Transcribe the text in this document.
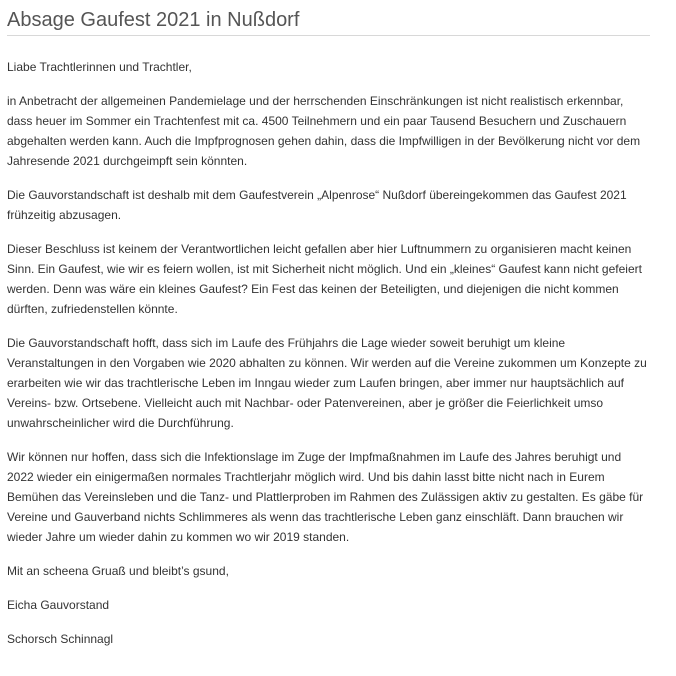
Absage Gaufest 2021 in Nußdorf

Liabe Trachtlerinnen und Trachtler,

in Anbetracht der allgemeinen Pandemielage und der herrschenden Einschränkungen ist nicht realistisch erkennbar, dass heuer im Sommer ein Trachtenfest mit ca. 4500 Teilnehmern und ein paar Tausend Besuchern und Zuschauern abgehalten werden kann. Auch die Impfprognosen gehen dahin, dass die Impfwilligen in der Bevölkerung nicht vor dem Jahresende 2021 durchgeimpft sein könnten.

Die Gauvorstandschaft ist deshalb mit dem Gaufestverein „Alpenrose“ Nußdorf übereingekommen das Gaufest 2021 frühzeitig abzusagen.

Dieser Beschluss ist keinem der Verantwortlichen leicht gefallen aber hier Luftnummern zu organisieren macht keinen Sinn. Ein Gaufest, wie wir es feiern wollen, ist mit Sicherheit nicht möglich. Und ein „kleines“ Gaufest kann nicht gefeiert werden. Denn was wäre ein kleines Gaufest? Ein Fest das keinen der Beteiligten, und diejenigen die nicht kommen dürften, zufriedenstellen könnte.

Die Gauvorstandschaft hofft, dass sich im Laufe des Frühjahrs die Lage wieder soweit beruhigt um kleine Veranstaltungen in den Vorgaben wie 2020 abhalten zu können. Wir werden auf die Vereine zukommen um Konzepte zu erarbeiten wie wir das trachtlerische Leben im Inngau wieder zum Laufen bringen, aber immer nur hauptsächlich auf Vereins- bzw. Ortsebene. Vielleicht auch mit Nachbar- oder Patenvereinen, aber je größer die Feierlichkeit umso unwahrscheinlicher wird die Durchführung.

Wir können nur hoffen, dass sich die Infektionslage im Zuge der Impfmaßnahmen im Laufe des Jahres beruhigt und 2022 wieder ein einigermaßen normales Trachtlerjahr möglich wird. Und bis dahin lasst bitte nicht nach in Eurem Bemühen das Vereinsleben und die Tanz- und Plattlerproben im Rahmen des Zulässigen aktiv zu gestalten. Es gäbe für Vereine und Gauverband nichts Schlimmeres als wenn das trachtlerische Leben ganz einschläft. Dann brauchen wir wieder Jahre um wieder dahin zu kommen wo wir 2019 standen.

Mit an scheena Gruaß und bleibt’s gsund,

Eicha Gauvorstand

Schorsch Schinnagl
